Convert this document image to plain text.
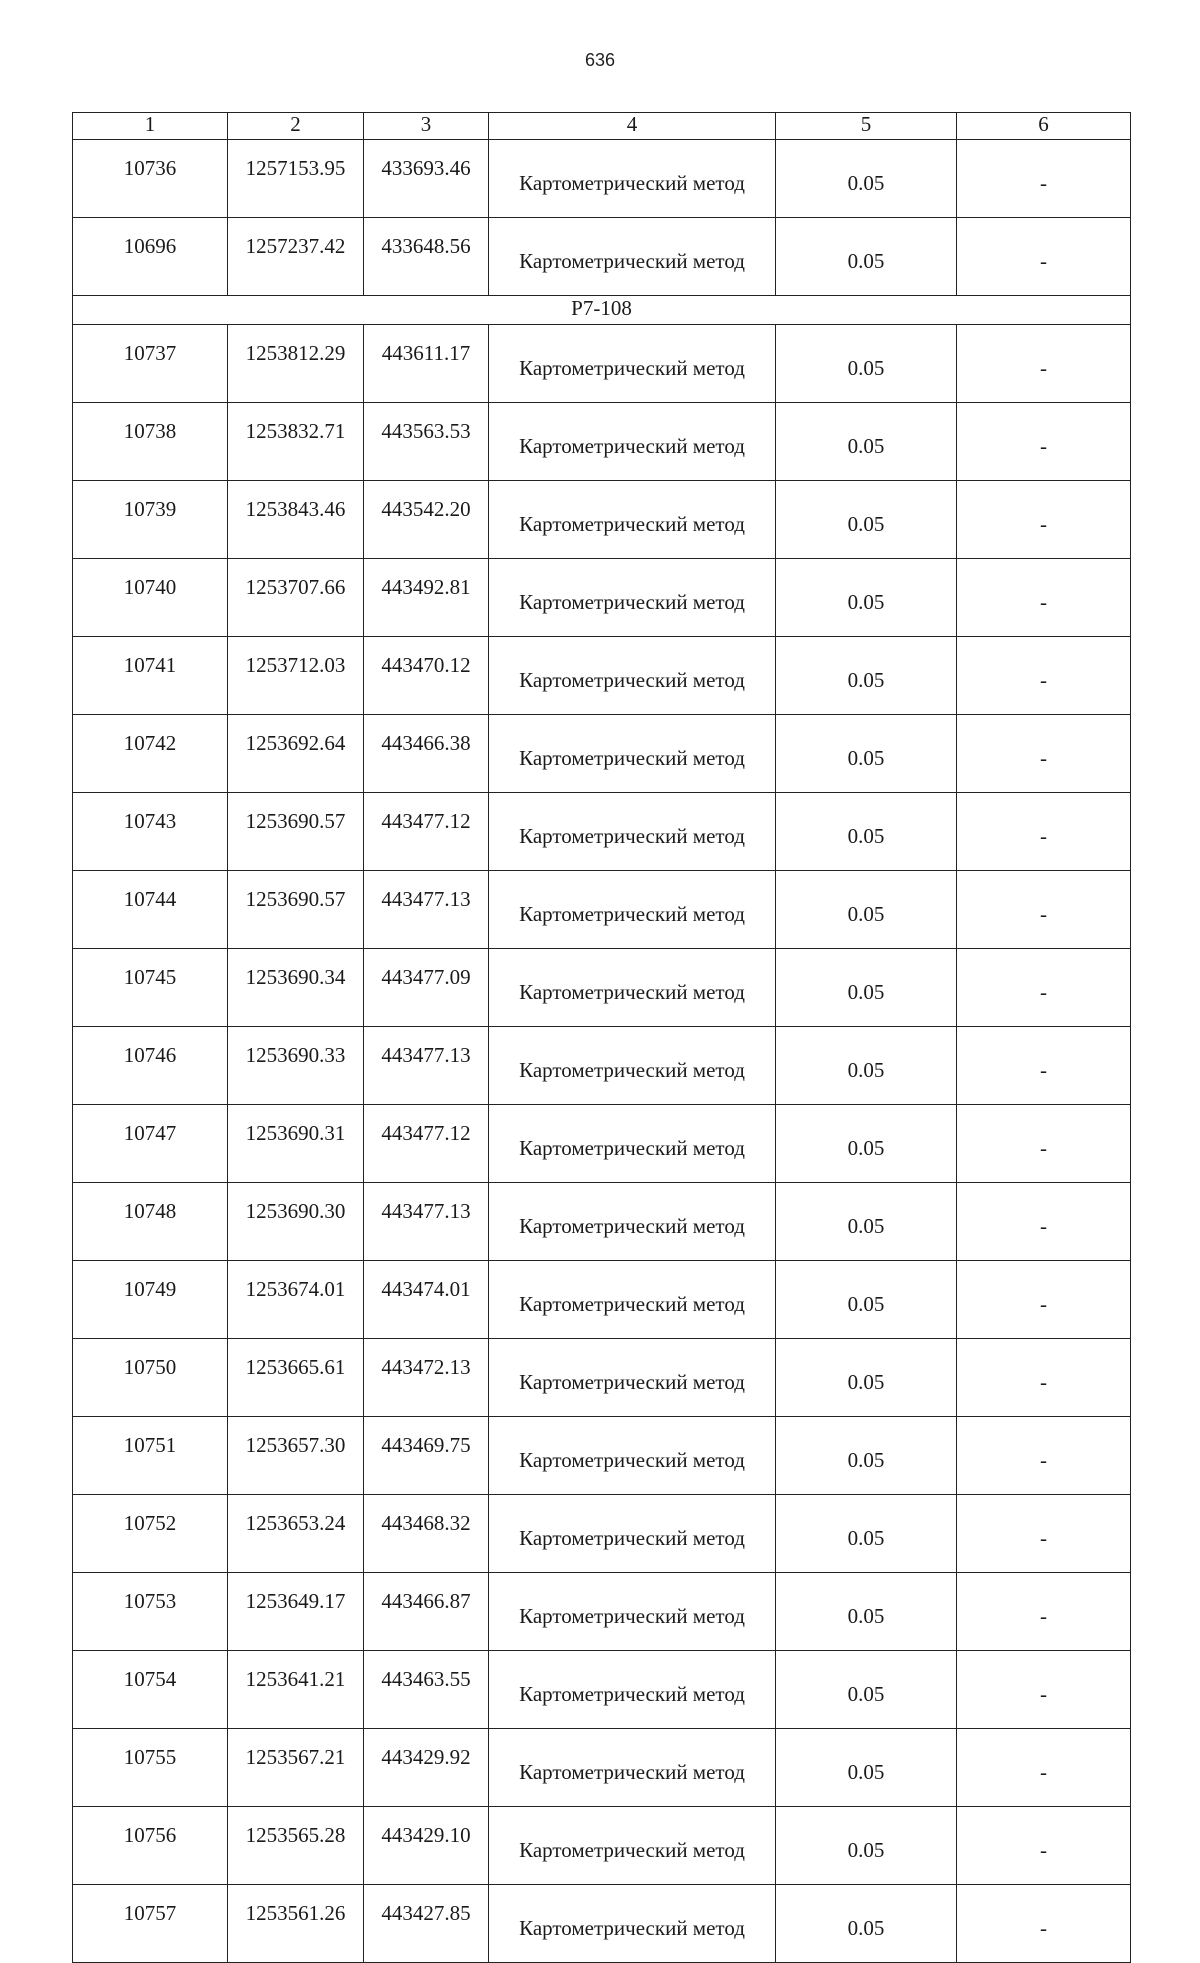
636
1	2	3	4	5	6
10736	1257153.95	433693.46	Картометрический метод	0.05	-
10696	1257237.42	433648.56	Картометрический метод	0.05	-
Р7-108					
10737	1253812.29	443611.17	Картометрический метод	0.05	-
10738	1253832.71	443563.53	Картометрический метод	0.05	-
10739	1253843.46	443542.20	Картометрический метод	0.05	-
10740	1253707.66	443492.81	Картометрический метод	0.05	-
10741	1253712.03	443470.12	Картометрический метод	0.05	-
10742	1253692.64	443466.38	Картометрический метод	0.05	-
10743	1253690.57	443477.12	Картометрический метод	0.05	-
10744	1253690.57	443477.13	Картометрический метод	0.05	-
10745	1253690.34	443477.09	Картометрический метод	0.05	-
10746	1253690.33	443477.13	Картометрический метод	0.05	-
10747	1253690.31	443477.12	Картометрический метод	0.05	-
10748	1253690.30	443477.13	Картометрический метод	0.05	-
10749	1253674.01	443474.01	Картометрический метод	0.05	-
10750	1253665.61	443472.13	Картометрический метод	0.05	-
10751	1253657.30	443469.75	Картометрический метод	0.05	-
10752	1253653.24	443468.32	Картометрический метод	0.05	-
10753	1253649.17	443466.87	Картометрический метод	0.05	-
10754	1253641.21	443463.55	Картометрический метод	0.05	-
10755	1253567.21	443429.92	Картометрический метод	0.05	-
10756	1253565.28	443429.10	Картометрический метод	0.05	-
10757	1253561.26	443427.85	Картометрический метод	0.05	-
